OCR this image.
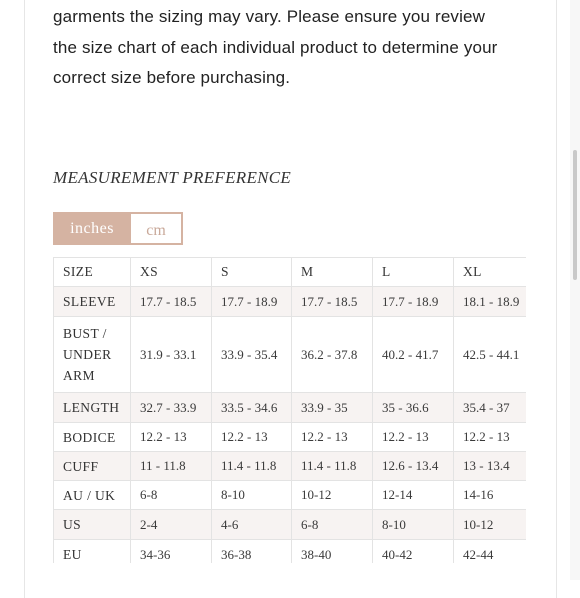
garments the sizing may vary. Please ensure you review
the size chart of each individual product to determine your
correct size before purchasing.
MEASUREMENT PREFERENCE
inches	cm
SIZE	XS	S	M	L	XL
SLEEVE	17.7 - 18.5	17.7 - 18.9	17.7 - 18.5	17.7 - 18.9	18.1 - 18.9

BUST /
UNDER
ARM	31.9 - 33.1	33.9 - 35.4	36.2 - 37.8	40.2 - 41.7	42.5 - 44.1
LENGTH	32.7 - 33.9	33.5 - 34.6	33.9 - 35	35 - 36.6	35.4 - 37
BODICE	12.2 - 13	12.2 - 13	12.2 - 13	12.2 - 13	12.2 - 13
CUFF	11 - 11.8	11.4 - 11.8	11.4 - 11.8	12.6 - 13.4	13 - 13.4
AU / UK	6-8	8-10	10-12	12-14	14-16
US	2-4	4-6	6-8	8-10	10-12
EU	34-36	36-38	38-40	40-42	42-44
